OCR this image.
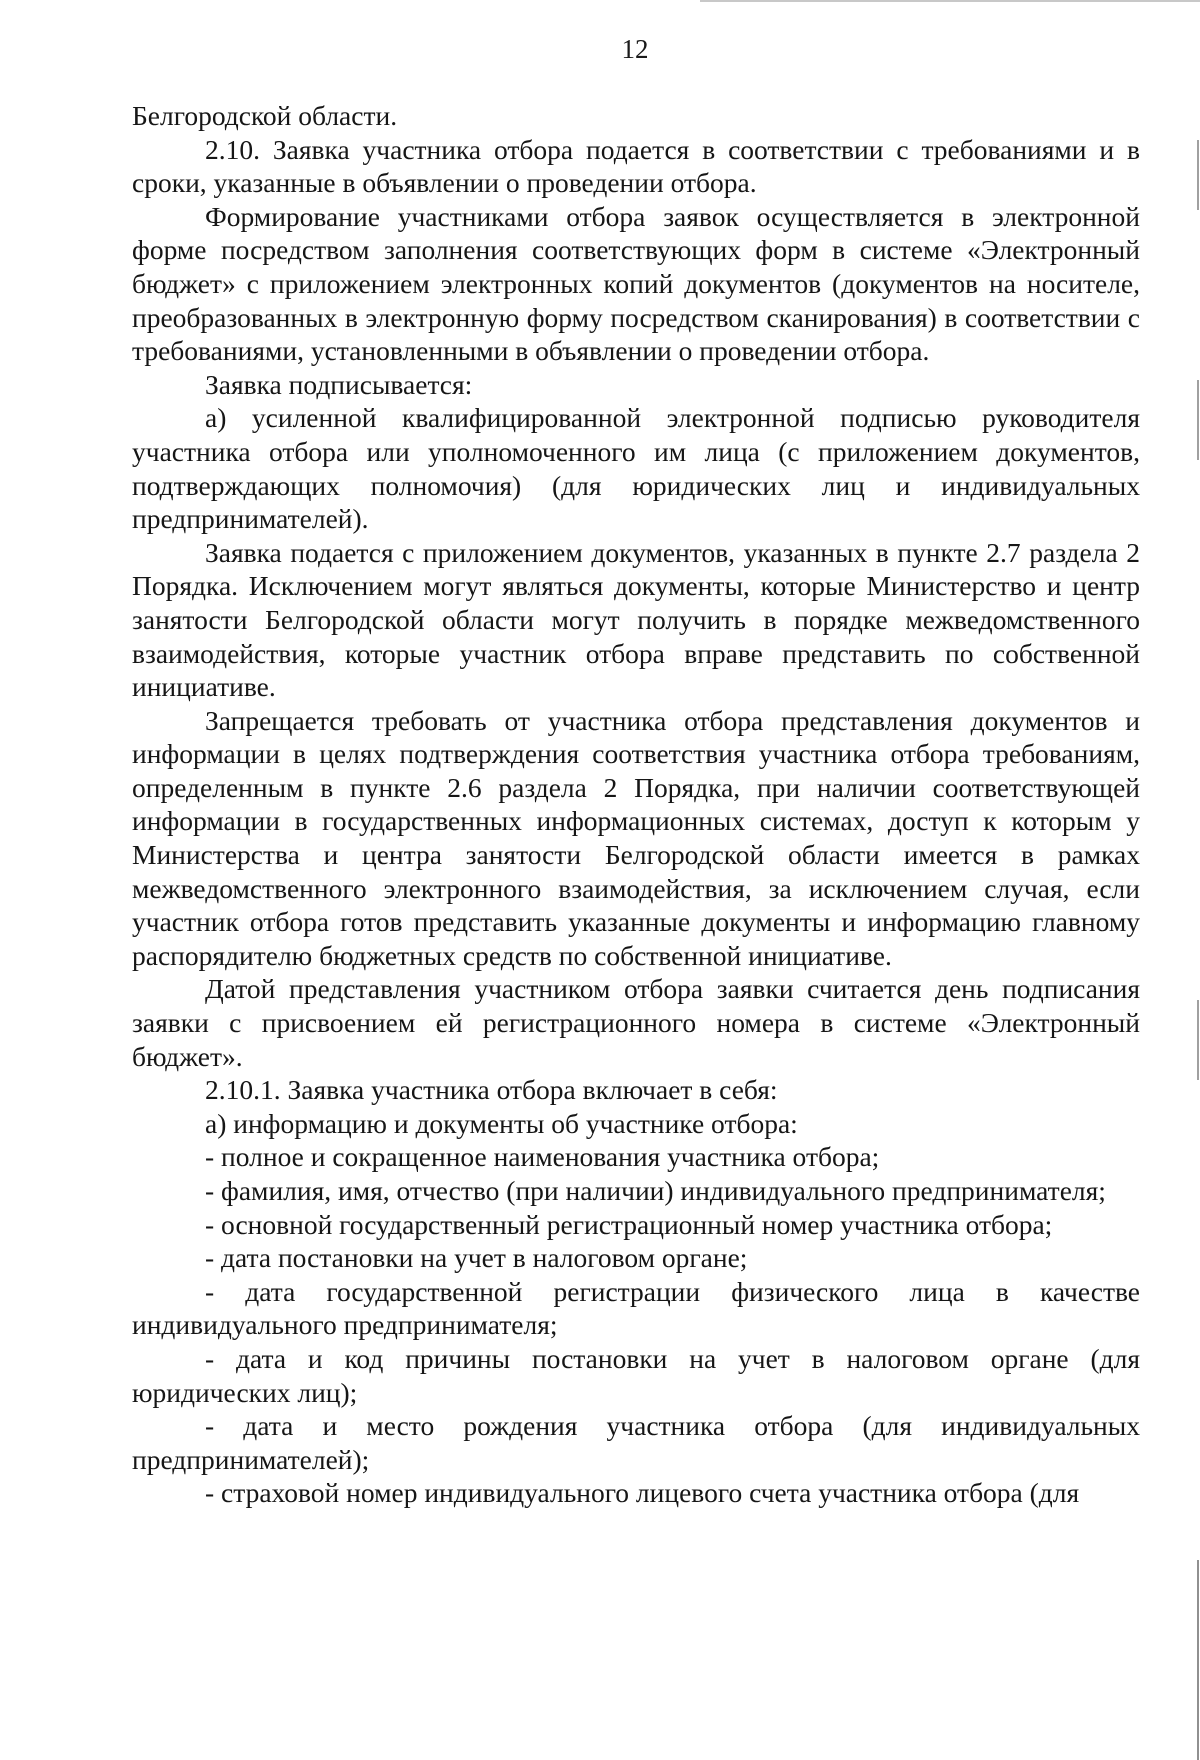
12

Белгородской области.

2.10. Заявка участника отбора подается в соответствии с требованиями и в сроки, указанные в объявлении о проведении отбора.

Формирование участниками отбора заявок осуществляется в электронной форме посредством заполнения соответствующих форм в системе «Электронный бюджет» с приложением электронных копий документов (документов на носителе, преобразованных в электронную форму посредством сканирования) в соответствии с требованиями, установленными в объявлении о проведении отбора.

Заявка подписывается:

а) усиленной квалифицированной электронной подписью руководителя участника отбора или уполномоченного им лица (с приложением документов, подтверждающих полномочия) (для юридических лиц и индивидуальных предпринимателей).

Заявка подается с приложением документов, указанных в пункте 2.7 раздела 2 Порядка. Исключением могут являться документы, которые Министерство и центр занятости Белгородской области могут получить в порядке межведомственного взаимодействия, которые участник отбора вправе представить по собственной инициативе.

Запрещается требовать от участника отбора представления документов и информации в целях подтверждения соответствия участника отбора требованиям, определенным в пункте 2.6 раздела 2 Порядка, при наличии соответствующей информации в государственных информационных системах, доступ к которым у Министерства и центра занятости Белгородской области имеется в рамках межведомственного электронного взаимодействия, за исключением случая, если участник отбора готов представить указанные документы и информацию главному распорядителю бюджетных средств по собственной инициативе.

Датой представления участником отбора заявки считается день подписания заявки с присвоением ей регистрационного номера в системе «Электронный бюджет».

2.10.1. Заявка участника отбора включает в себя:

а) информацию и документы об участнике отбора:

- полное и сокращенное наименования участника отбора;

- фамилия, имя, отчество (при наличии) индивидуального предпринимателя;

- основной государственный регистрационный номер участника отбора;

- дата постановки на учет в налоговом органе;

- дата государственной регистрации физического лица в качестве индивидуального предпринимателя;

- дата и код причины постановки на учет в налоговом органе (для юридических лиц);

- дата и место рождения участника отбора (для индивидуальных предпринимателей);

- страховой номер индивидуального лицевого счета участника отбора (для
